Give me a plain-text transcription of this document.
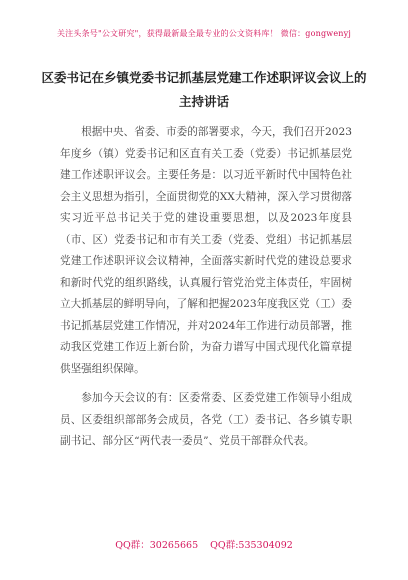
关注头条号"公文研究"，获得最新最全最专业的公文资料库！ 微信：gongwenyj
区委书记在乡镇党委书记抓基层党建工作述职评议会议上的主持讲话

根据中央、省委、市委的部署要求，今天，我们召开2023年度乡（镇）党委书记和区直有关工委（党委）书记抓基层党建工作述职评议会。主要任务是：以习近平新时代中国特色社会主义思想为指引，全面贯彻党的XX大精神，深入学习贯彻落实习近平总书记关于党的建设重要思想，以及2023年度县（市、区）党委书记和市有关工委（党委、党组）书记抓基层党建工作述职评议会议精神，全面落实新时代党的建设总要求和新时代党的组织路线，认真履行管党治党主体责任，牢固树立大抓基层的鲜明导向，了解和把握2023年度我区党（工）委书记抓基层党建工作情况，并对2024年工作进行动员部署，推动我区党建工作迈上新台阶，为奋力谱写中国式现代化篇章提供坚强组织保障。

参加今天会议的有：区委常委、区委党建工作领导小组成员、区委组织部部务会成员，各党（工）委书记、各乡镇专职副书记、部分区“两代表一委员”、党员干部群众代表。

QQ群：30265665 QQ群:535304092
